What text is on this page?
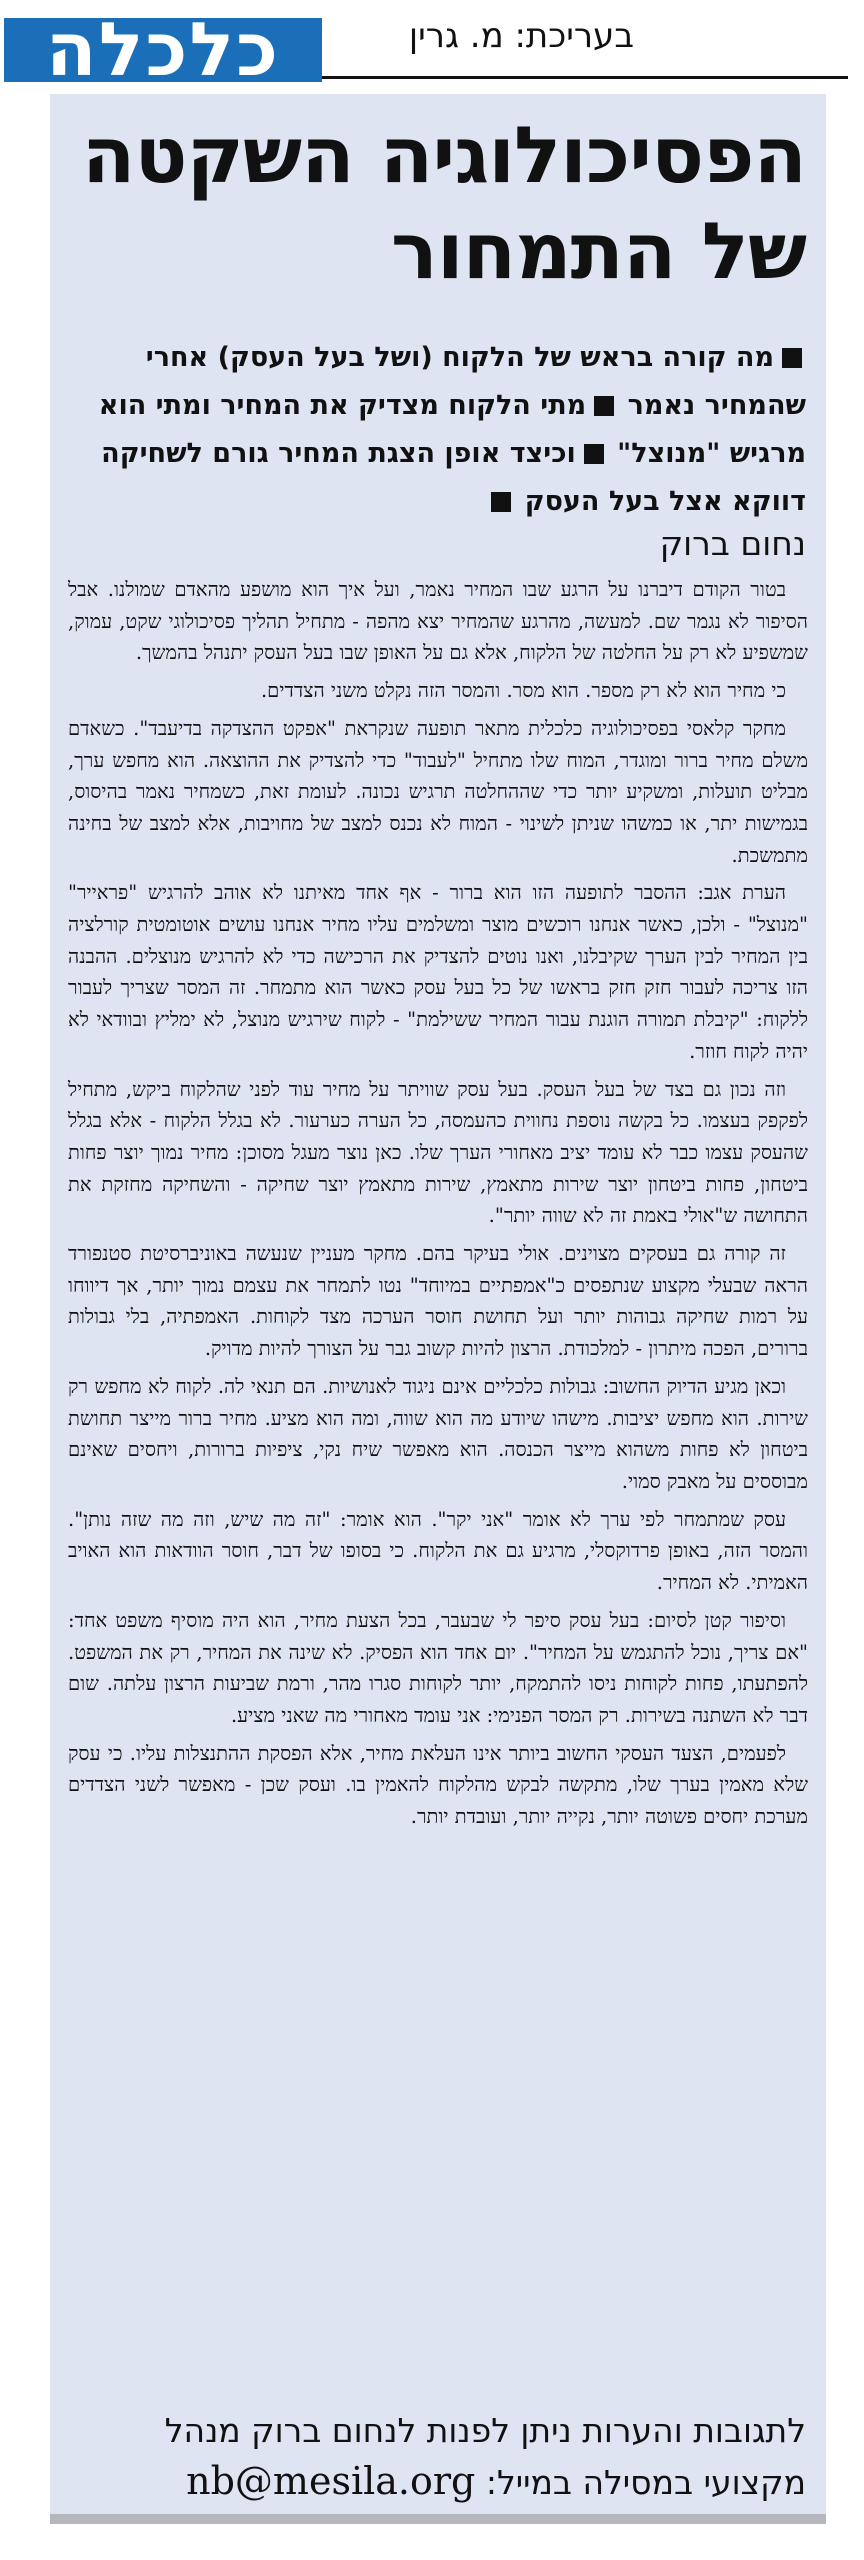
כלכלה	בעריכת: מ. גרין
הפסיכולוגיה השקטה של התמחור
מה קורה בראש של הלקוח (ושל בעל העסק) אחרי שהמחיר נאמר מתי הלקוח מצדיק את המחיר ומתי הוא מרגיש "מנוצל" וכיצד אופן הצגת המחיר גורם לשחיקה דווקא אצל בעל העסק
נחום ברוק

בטור הקודם דיברנו על הרגע שבו המחיר נאמר, ועל איך הוא מושפע מהאדם שמולנו. אבל הסיפור לא נגמר שם. למעשה, מהרגע שהמחיר יצא מהפה - מתחיל תהליך פסיכולוגי שקט, עמוק, שמשפיע לא רק על החלטה של הלקוח, אלא גם על האופן שבו בעל העסק יתנהל בהמשך.

כי מחיר הוא לא רק מספר. הוא מסר. והמסר הזה נקלט משני הצדדים.

מחקר קלאסי בפסיכולוגיה כלכלית מתאר תופעה שנקראת "אפקט ההצדקה בדיעבד". כשאדם משלם מחיר ברור ומוגדר, המוח שלו מתחיל "לעבוד" כדי להצדיק את ההוצאה. הוא מחפש ערך, מבליט תועלות, ומשקיע יותר כדי שההחלטה תרגיש נכונה. לעומת זאת, כשמחיר נאמר בהיסוס, בגמישות יתר, או כמשהו שניתן לשינוי - המוח לא נכנס למצב של מחויבות, אלא למצב של בחינה מתמשכת.

הערת אגב: ההסבר לתופעה הזו הוא ברור - אף אחד מאיתנו לא אוהב להרגיש "פראייר" "מנוצל" - ולכן, כאשר אנחנו רוכשים מוצר ומשלמים עליו מחיר אנחנו עושים אוטומטית קורלציה בין המחיר לבין הערך שקיבלנו, ואנו נוטים להצדיק את הרכישה כדי לא להרגיש מנוצלים. ההבנה הזו צריכה לעבור חזק חזק בראשו של כל בעל עסק כאשר הוא מתמחר. זה המסר שצריך לעבור ללקוח: "קיבלת תמורה הוגנת עבור המחיר ששילמת" - לקוח שירגיש מנוצל, לא ימליץ ובוודאי לא יהיה לקוח חוזר.

וזה נכון גם בצד של בעל העסק. בעל עסק שוויתר על מחיר עוד לפני שהלקוח ביקש, מתחיל לפקפק בעצמו. כל בקשה נוספת נחווית כהעמסה, כל הערה כערעור. לא בגלל הלקוח - אלא בגלל שהעסק עצמו כבר לא עומד יציב מאחורי הערך שלו. כאן נוצר מעגל מסוכן: מחיר נמוך יוצר פחות ביטחון, פחות ביטחון יוצר שירות מתאמץ, שירות מתאמץ יוצר שחיקה - והשחיקה מחזקת את התחושה ש"אולי באמת זה לא שווה יותר".

זה קורה גם בעסקים מצוינים. אולי בעיקר בהם. מחקר מעניין שנעשה באוניברסיטת סטנפורד הראה שבעלי מקצוע שנתפסים כ"אמפתיים במיוחד" נטו לתמחר את עצמם נמוך יותר, אך דיווחו על רמות שחיקה גבוהות יותר ועל תחושת חוסר הערכה מצד לקוחות. האמפתיה, בלי גבולות ברורים, הפכה מיתרון - למלכודת. הרצון להיות קשוב גבר על הצורך להיות מדויק.

וכאן מגיע הדיוק החשוב: גבולות כלכליים אינם ניגוד לאנושיות. הם תנאי לה. לקוח לא מחפש רק שירות. הוא מחפש יציבות. מישהו שיודע מה הוא שווה, ומה הוא מציע. מחיר ברור מייצר תחושת ביטחון לא פחות משהוא מייצר הכנסה. הוא מאפשר שיח נקי, ציפיות ברורות, ויחסים שאינם מבוססים על מאבק סמוי.

עסק שמתמחר לפי ערך לא אומר "אני יקר". הוא אומר: "זה מה שיש, וזה מה שזה נותן". והמסר הזה, באופן פרדוקסלי, מרגיע גם את הלקוח. כי בסופו של דבר, חוסר הוודאות הוא האויב האמיתי. לא המחיר.

וסיפור קטן לסיום: בעל עסק סיפר לי שבעבר, בכל הצעת מחיר, הוא היה מוסיף משפט אחד: "אם צריך, נוכל להתגמש על המחיר". יום אחד הוא הפסיק. לא שינה את המחיר, רק את המשפט. להפתעתו, פחות לקוחות ניסו להתמקח, יותר לקוחות סגרו מהר, ורמת שביעות הרצון עלתה. שום דבר לא השתנה בשירות. רק המסר הפנימי: אני עומד מאחורי מה שאני מציע.

לפעמים, הצעד העסקי החשוב ביותר אינו העלאת מחיר, אלא הפסקת ההתנצלות עליו. כי עסק שלא מאמין בערך שלו, מתקשה לבקש מהלקוח להאמין בו. ועסק שכן - מאפשר לשני הצדדים מערכת יחסים פשוטה יותר, נקייה יותר, ועובדת יותר.

לתגובות והערות ניתן לפנות לנחום ברוק מנהל מקצועי במסילה במייל: nb@mesila.org
